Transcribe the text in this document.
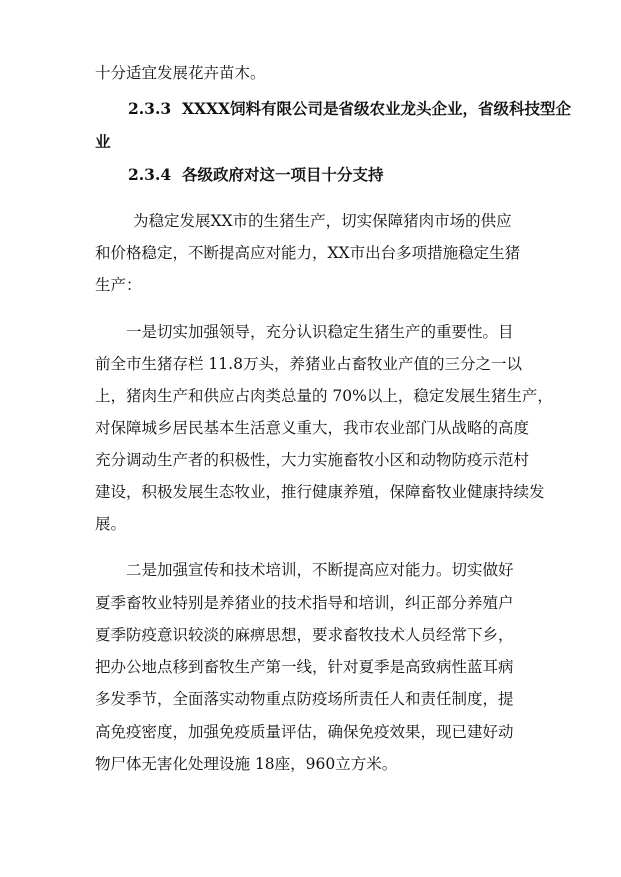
十分适宜发展花卉苗木。
2.3.3 XXXX饲料有限公司是省级农业龙头企业，省级科技型企
业
2.3.4 各级政府对这一项目十分支持
为稳定发展XX市的生猪生产，切实保障猪肉市场的供应
和价格稳定，不断提高应对能力，XX市出台多项措施稳定生猪
生产：
一是切实加强领导，充分认识稳定生猪生产的重要性。目
前全市生猪存栏 11.8万头，养猪业占畜牧业产值的三分之一以
上，猪肉生产和供应占肉类总量的 70%以上，稳定发展生猪生产，
对保障城乡居民基本生活意义重大，我市农业部门从战略的高度
充分调动生产者的积极性，大力实施畜牧小区和动物防疫示范村
建设，积极发展生态牧业，推行健康养殖，保障畜牧业健康持续发
展。
二是加强宣传和技术培训，不断提高应对能力。切实做好
夏季畜牧业特别是养猪业的技术指导和培训，纠正部分养殖户
夏季防疫意识较淡的麻痹思想，要求畜牧技术人员经常下乡，
把办公地点移到畜牧生产第一线，针对夏季是高致病性蓝耳病
多发季节，全面落实动物重点防疫场所责任人和责任制度，提
高免疫密度，加强免疫质量评估，确保免疫效果，现已建好动
物尸体无害化处理设施 18座，960立方米。
